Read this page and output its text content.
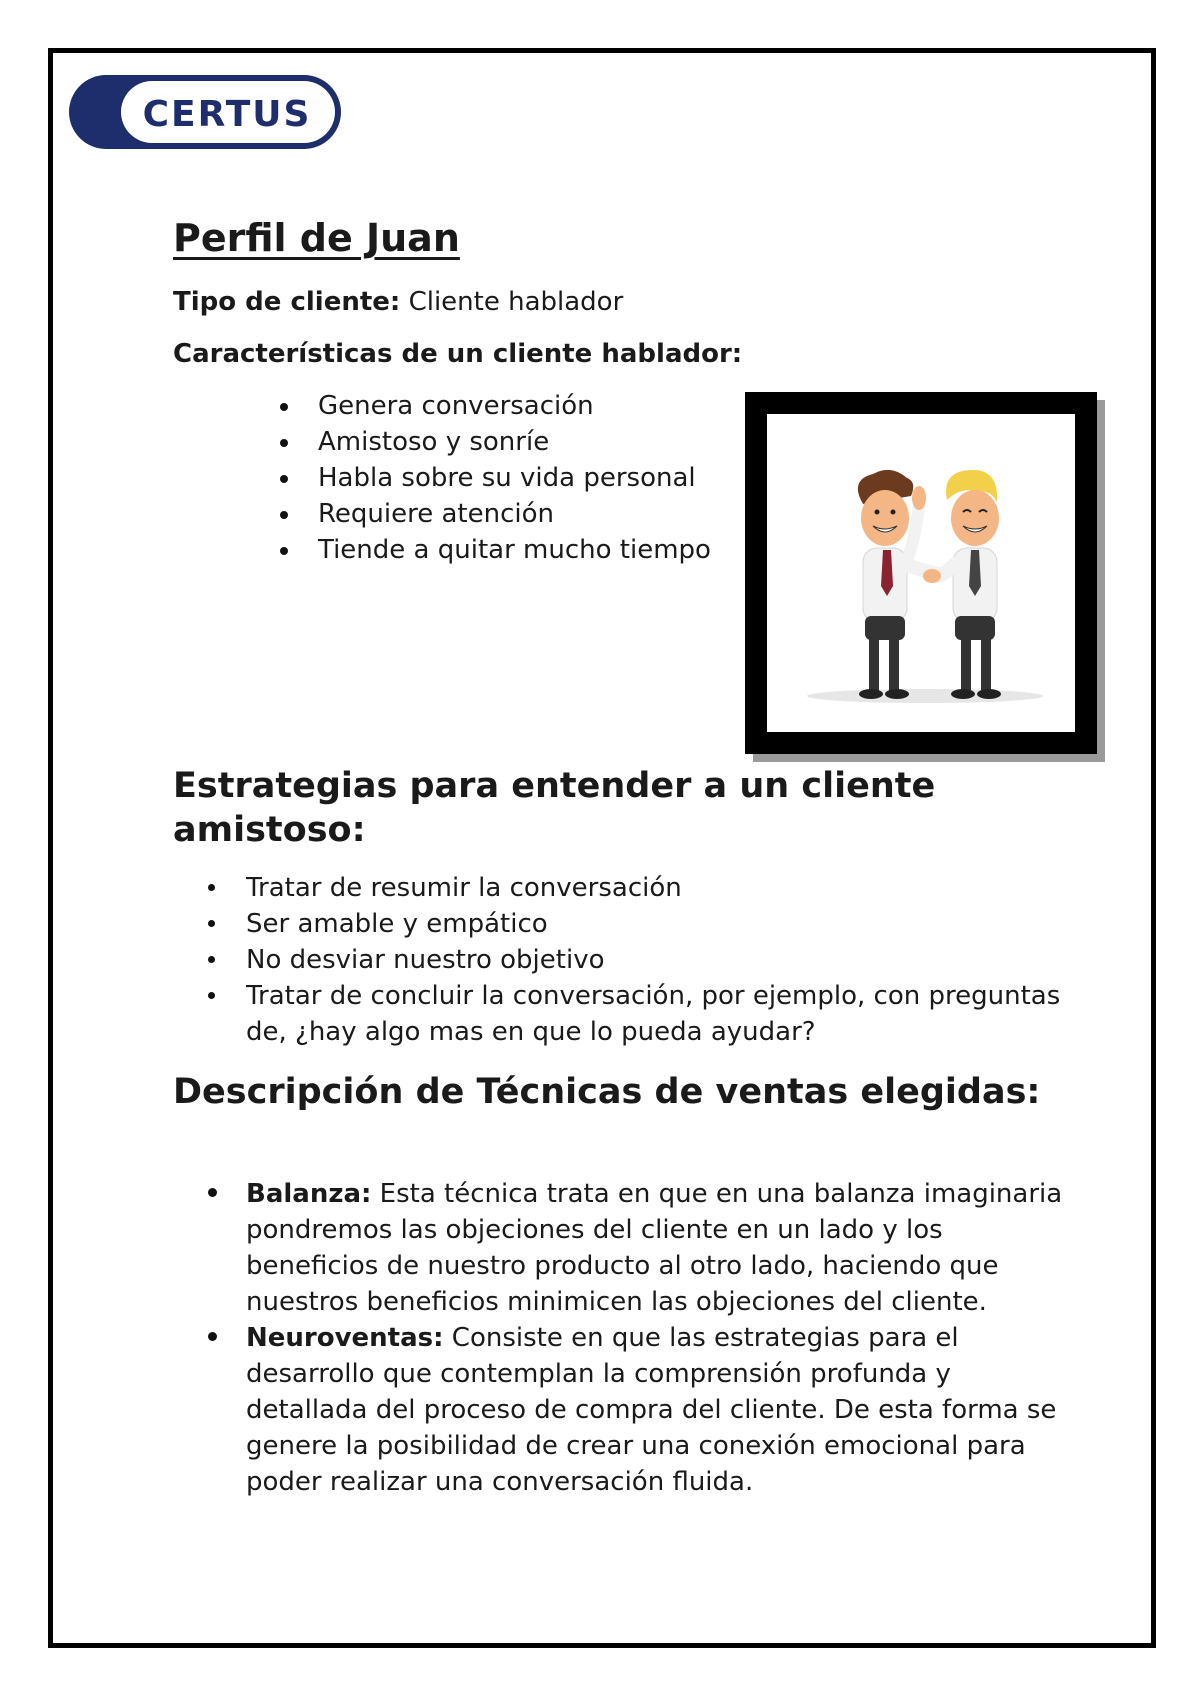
CERTUS
Perfil de Juan

Tipo de cliente: Cliente hablador

Características de un cliente hablador:

Genera conversación
Amistoso y sonríe
Habla sobre su vida personal
Requiere atención
Tiende a quitar mucho tiempo
Estrategias para entender a un cliente amistoso:
Tratar de resumir la conversación
Ser amable y empático
No desviar nuestro objetivo
Tratar de concluir la conversación, por ejemplo, con preguntas de, ¿hay algo mas en que lo pueda ayudar?
Descripción de Técnicas de ventas elegidas:
Balanza: Esta técnica trata en que en una balanza imaginaria pondremos las objeciones del cliente en un lado y los beneficios de nuestro producto al otro lado, haciendo que nuestros beneficios minimicen las objeciones del cliente.
Neuroventas: Consiste en que las estrategias para el desarrollo que contemplan la comprensión profunda y detallada del proceso de compra del cliente. De esta forma se genere la posibilidad de crear una conexión emocional para poder realizar una conversación fluida.
